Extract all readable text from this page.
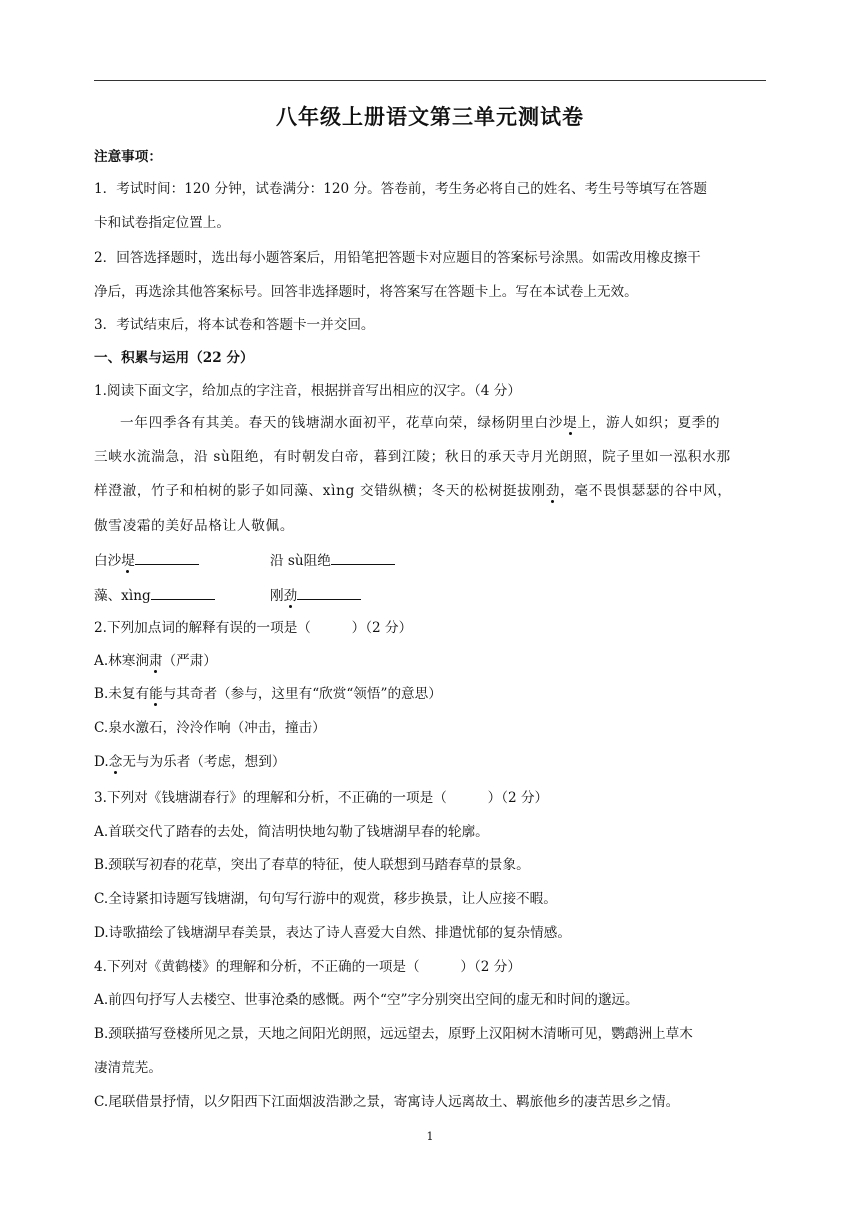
八年级上册语文第三单元测试卷
注意事项：
1．考试时间：120 分钟，试卷满分：120 分。答卷前，考生务必将自己的姓名、考生号等填写在答题
卡和试卷指定位置上。
2．回答选择题时，选出每小题答案后，用铅笔把答题卡对应题目的答案标号涂黑。如需改用橡皮擦干
净后，再选涂其他答案标号。回答非选择题时，将答案写在答题卡上。写在本试卷上无效。
3．考试结束后，将本试卷和答题卡一并交回。
一、积累与运用（22 分）
1.阅读下面文字，给加点的字注音，根据拼音写出相应的汉字。（4 分）
一年四季各有其美。春天的钱塘湖水面初平，花草向荣，绿杨阴里白沙堤上，游人如织；夏季的
三峡水流湍急，沿 sù阻绝，有时朝发白帝，暮到江陵；秋日的承天寺月光朗照，院子里如一泓积水那
样澄澈，竹子和柏树的影子如同藻、xìng 交错纵横；冬天的松树挺拔刚劲，毫不畏惧瑟瑟的谷中风，
傲雪凌霜的美好品格让人敬佩。
白沙堤	沿 sù阻绝
藻、xìng	刚劲
2.下列加点词的解释有误的一项是（　　　）（2 分）
A.林寒涧肃（严肃）
B.未复有能与其奇者（参与，这里有“欣赏“领悟”的意思）
C.泉水激石，泠泠作响（冲击，撞击）
D.念无与为乐者（考虑，想到）
3.下列对《钱塘湖春行》的理解和分析，不正确的一项是（　　　）（2 分）
A.首联交代了踏春的去处，简洁明快地勾勒了钱塘湖早春的轮廓。
B.颈联写初春的花草，突出了春草的特征，使人联想到马踏春草的景象。
C.全诗紧扣诗题写钱塘湖，句句写行游中的观赏，移步换景，让人应接不暇。
D.诗歌描绘了钱塘湖早春美景，表达了诗人喜爱大自然、排遣忧郁的复杂情感。
4.下列对《黄鹤楼》的理解和分析，不正确的一项是（　　　）（2 分）
A.前四句抒写人去楼空、世事沧桑的感慨。两个“空”字分别突出空间的虚无和时间的邈远。
B.颈联描写登楼所见之景，天地之间阳光朗照，远远望去，原野上汉阳树木清晰可见，鹦鹉洲上草木
凄清荒芜。
C.尾联借景抒情，以夕阳西下江面烟波浩渺之景，寄寓诗人远离故土、羁旅他乡的凄苦思乡之情。
1
